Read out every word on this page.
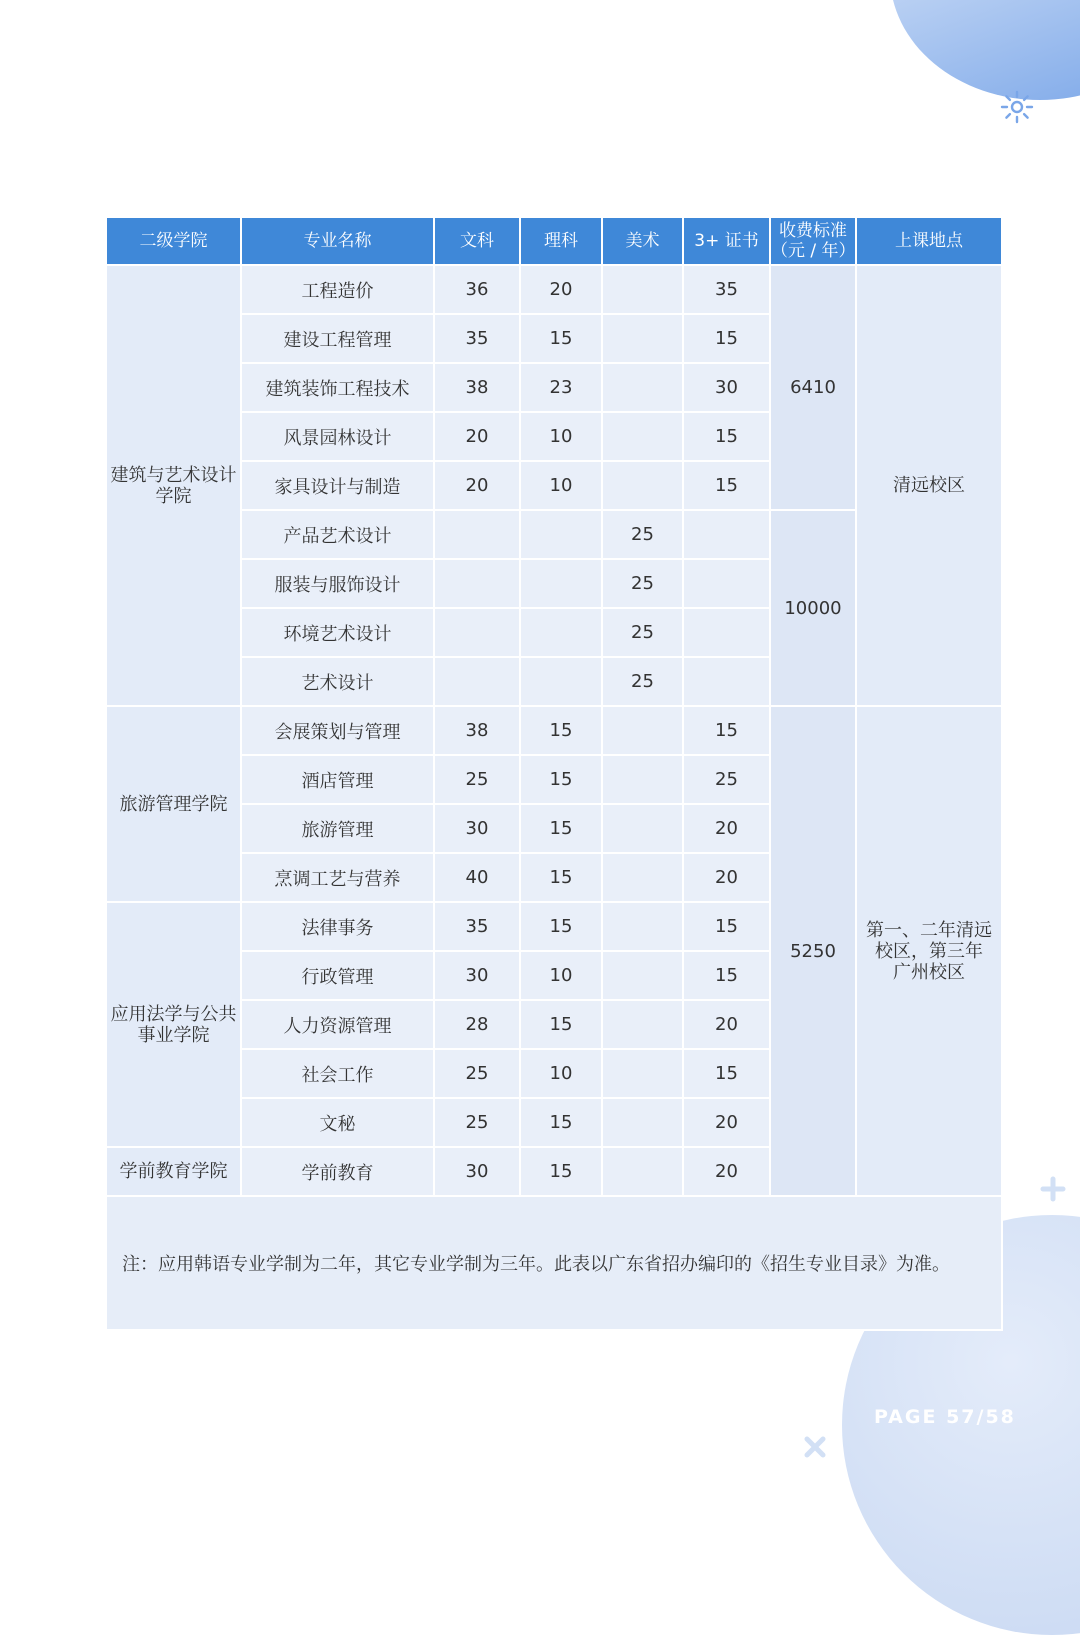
PAGE 57/58
二级学院	专业名称	文科	理科	美术	3+ 证书	收费标准
（元 / 年）	上课地点
建筑与艺术设计
学院	工程造价	36	20		35	6410	清远校区
	建设工程管理	35	15		15		
	建筑装饰工程技术	38	23		30		
	风景园林设计	20	10		15		
	家具设计与制造	20	10		15		
	产品艺术设计			25		10000	
	服装与服饰设计			25			
	环境艺术设计			25			
	艺术设计			25			
旅游管理学院	会展策划与管理	38	15		15	5250	第一、二年清远
校区，第三年
广州校区
	酒店管理	25	15		25		
	旅游管理	30	15		20		
	烹调工艺与营养	40	15		20		
应用法学与公共
事业学院	法律事务	35	15		15		
	行政管理	30	10		15		
	人力资源管理	28	15		20		
	社会工作	25	10		15		
	文秘	25	15		20		
学前教育学院	学前教育	30	15		20		
注：应用韩语专业学制为二年，其它专业学制为三年。此表以广东省招办编印的《招生专业目录》为准。							
